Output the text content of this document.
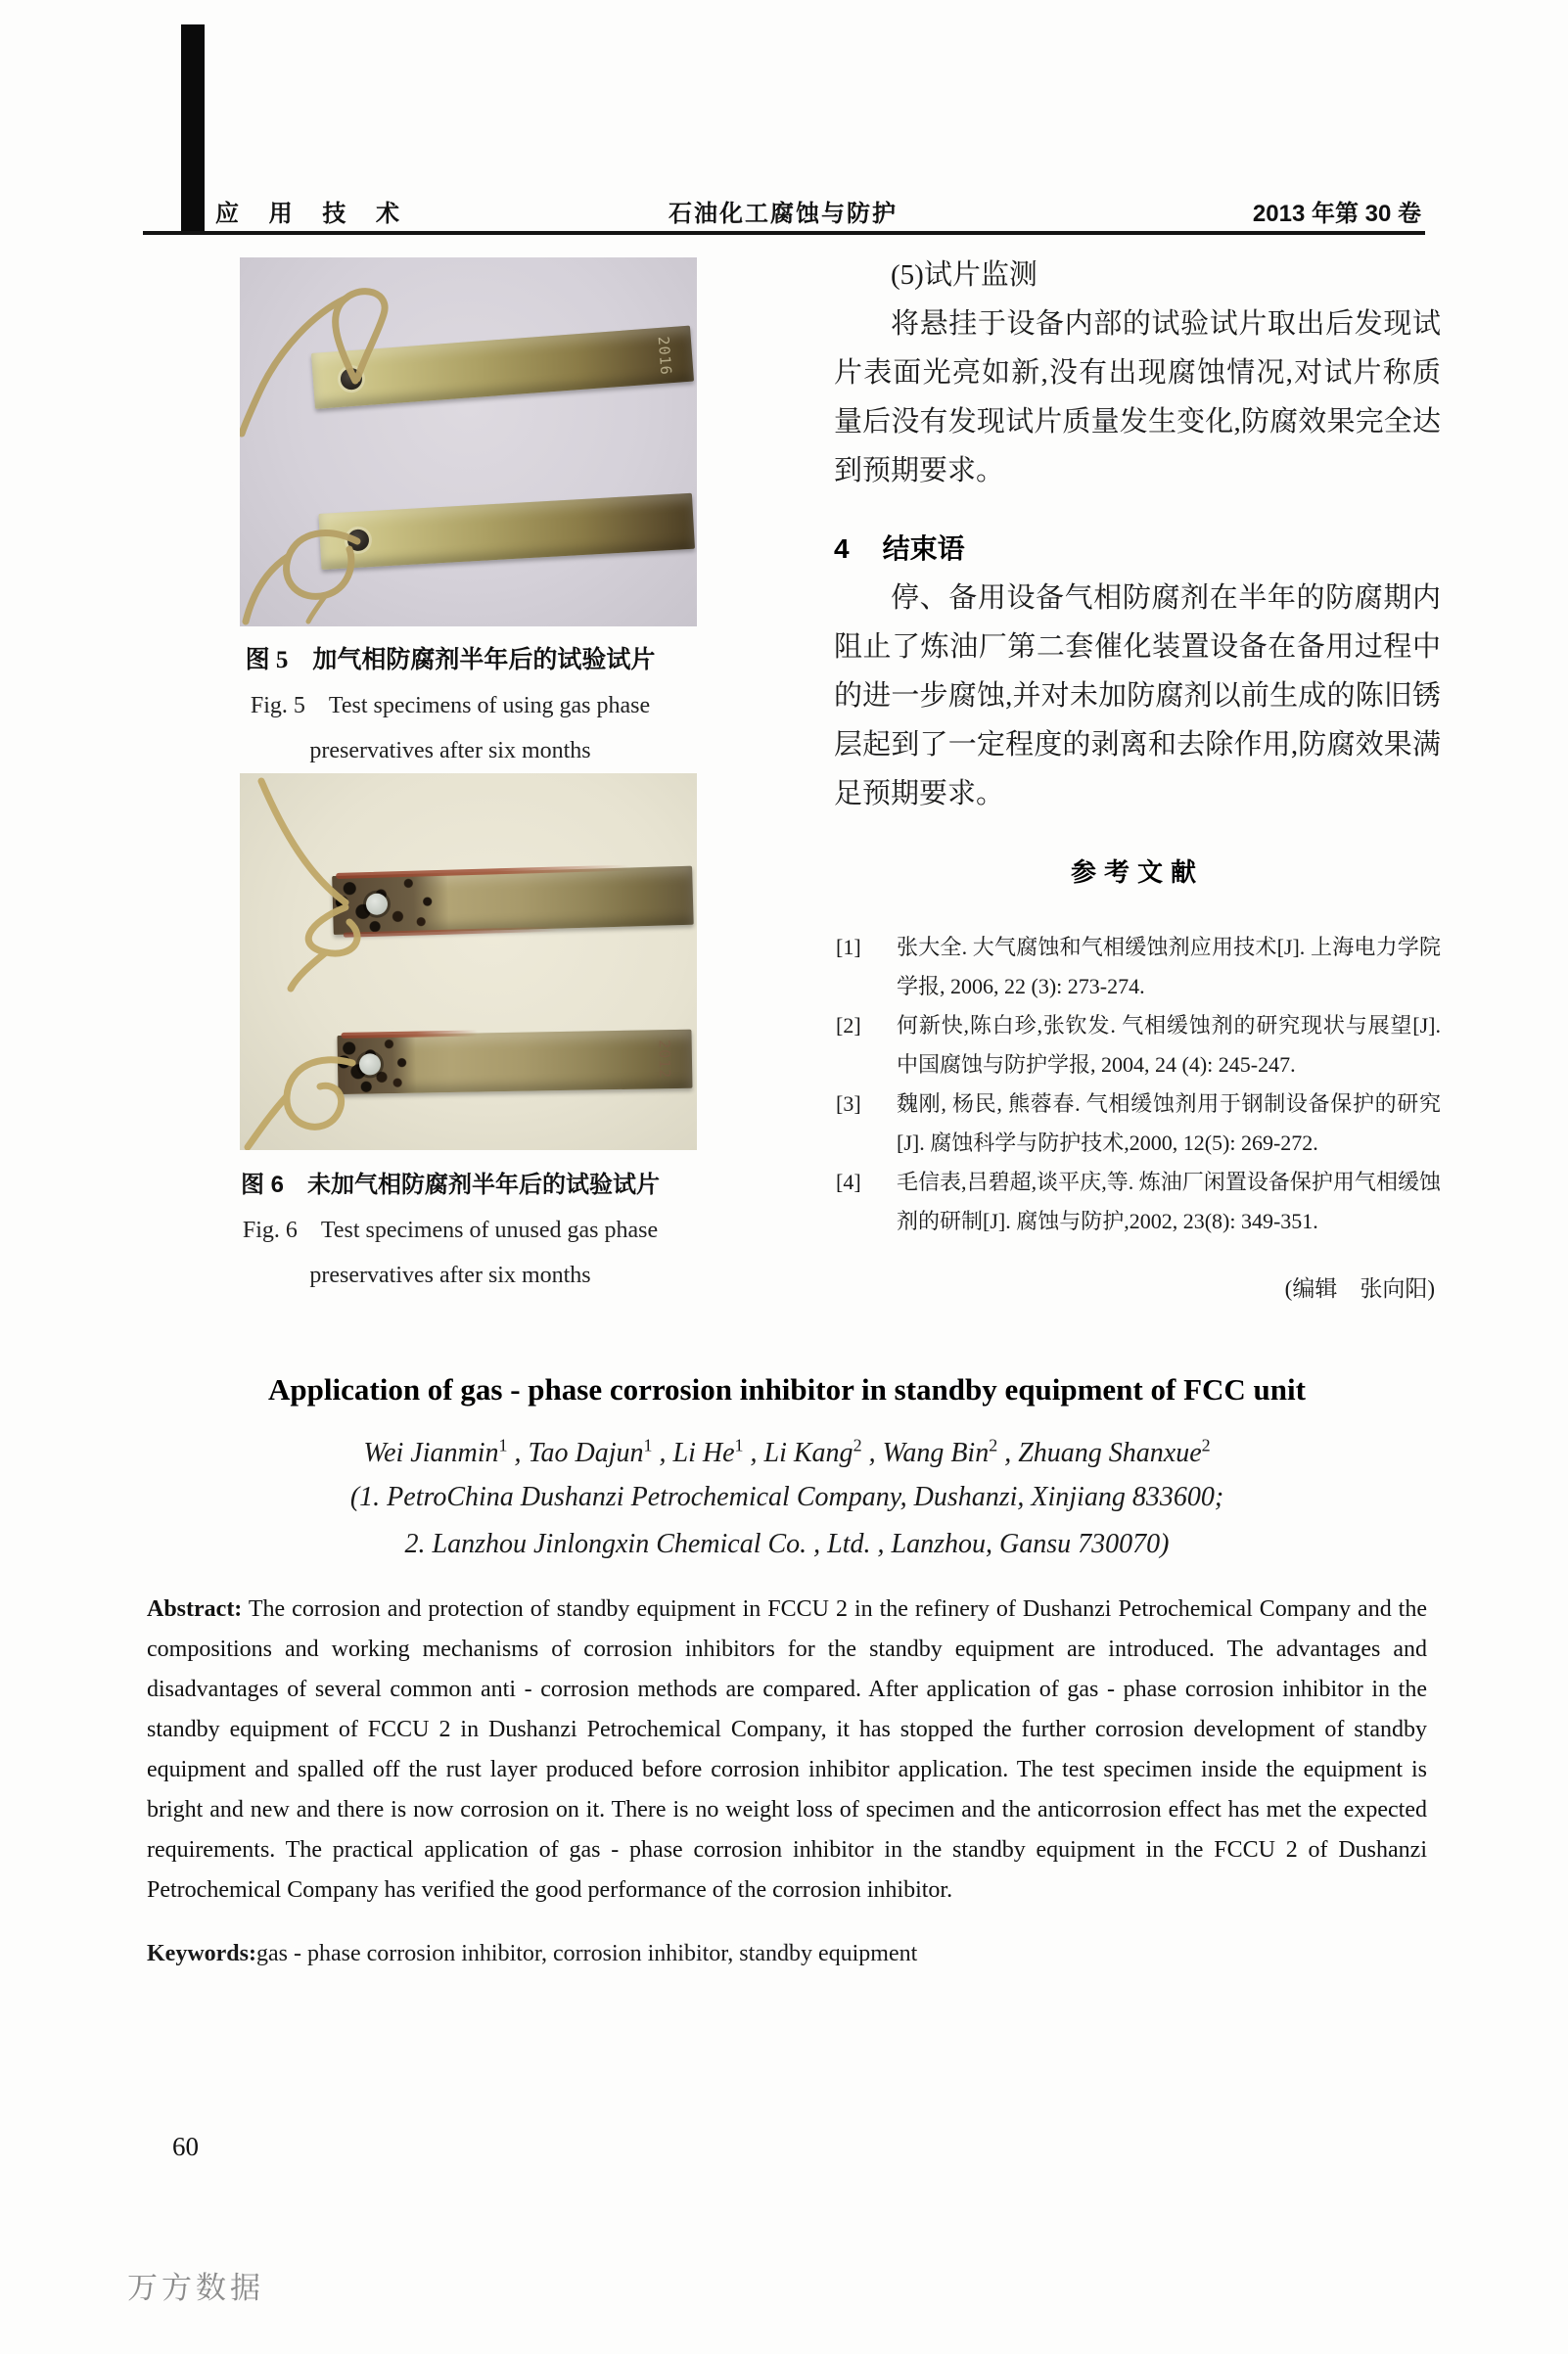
应 用 技 术	石油化工腐蚀与防护	2013 年第 30 卷
2016
图 5　加气相防腐剂半年后的试验试片
Fig. 5　Test specimens of using gas phase
preservatives after six months
2012
图 6　未加气相防腐剂半年后的试验试片
Fig. 6　Test specimens of unused gas phase
preservatives after six months
(5)试片监测

将悬挂于设备内部的试验试片取出后发现试片表面光亮如新,没有出现腐蚀情况,对试片称质量后没有发现试片质量发生变化,防腐效果完全达到预期要求。

4 结束语

停、备用设备气相防腐剂在半年的防腐期内阻止了炼油厂第二套催化装置设备在备用过程中的进一步腐蚀,并对未加防腐剂以前生成的陈旧锈层起到了一定程度的剥离和去除作用,防腐效果满足预期要求。

参考文献
[1] 张大全. 大气腐蚀和气相缓蚀剂应用技术[J]. 上海电力学院学报, 2006, 22 (3): 273-274.
[2] 何新快,陈白珍,张钦发. 气相缓蚀剂的研究现状与展望[J]. 中国腐蚀与防护学报, 2004, 24 (4): 245-247.
[3] 魏刚, 杨民, 熊蓉春. 气相缓蚀剂用于钢制设备保护的研究[J]. 腐蚀科学与防护技术,2000, 12(5): 269-272.
[4] 毛信表,吕碧超,谈平庆,等. 炼油厂闲置设备保护用气相缓蚀剂的研制[J]. 腐蚀与防护,2002, 23(8): 349-351.
(编辑　张向阳)
Application of gas - phase corrosion inhibitor in standby equipment of FCC unit
Wei Jianmin$^1$ , Tao Dajun$^1$ , Li He$^1$ , Li Kang$^2$ , Wang Bin$^2$ , Zhuang Shanxue$^2$
(1. PetroChina Dushanzi Petrochemical Company, Dushanzi, Xinjiang 833600;
2. Lanzhou Jinlongxin Chemical Co. , Ltd. , Lanzhou, Gansu 730070)

Abstract: The corrosion and protection of standby equipment in FCCU 2 in the refinery of Dushanzi Petrochemical Company and the compositions and working mechanisms of corrosion inhibitors for the standby equipment are introduced. The advantages and disadvantages of several common anti - corrosion methods are compared. After application of gas - phase corrosion inhibitor in the standby equipment of FCCU 2 in Dushanzi Petrochemical Company, it has stopped the further corrosion development of standby equipment and spalled off the rust layer produced before corrosion inhibitor application. The test specimen inside the equipment is bright and new and there is now corrosion on it. There is no weight loss of specimen and the anticorrosion effect has met the expected requirements. The practical application of gas - phase corrosion inhibitor in the standby equipment in the FCCU 2 of Dushanzi Petrochemical Company has verified the good performance of the corrosion inhibitor.

Keywords:gas - phase corrosion inhibitor, corrosion inhibitor, standby equipment
60
万方数据
